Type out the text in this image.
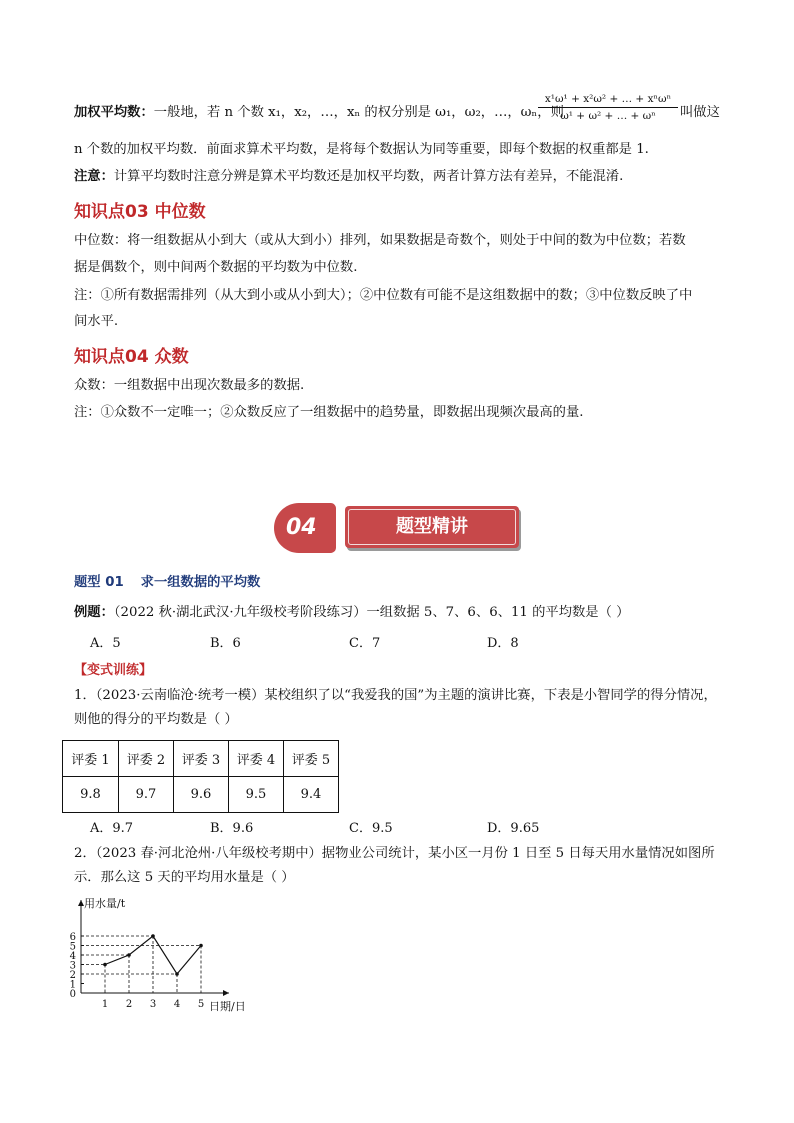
加权平均数：一般地，若 n 个数 x₁，x₂，…，xₙ 的权分别是 ω₁，ω₂，…，ωₙ，则
x¹ω¹ + x²ω² + … + xⁿωⁿ
ω¹ + ω² + … + ωⁿ	叫做这
n 个数的加权平均数．前面求算术平均数，是将每个数据认为同等重要，即每个数据的权重都是 1.
注意：计算平均数时注意分辨是算术平均数还是加权平均数，两者计算方法有差异，不能混淆.
知识点03 中位数
中位数：将一组数据从小到大（或从大到小）排列，如果数据是奇数个，则处于中间的数为中位数；若数
据是偶数个，则中间两个数据的平均数为中位数.
注：①所有数据需排列（从大到小或从小到大）；②中位数有可能不是这组数据中的数；③中位数反映了中
间水平.
知识点04 众数
众数：一组数据中出现次数最多的数据.
注：①众数不一定唯一；②众数反应了一组数据中的趋势量，即数据出现频次最高的量.
04	题型精讲
题型 01 求一组数据的平均数
例题：（2022 秋·湖北武汉·九年级校考阶段练习）一组数据 5、7、6、6、11 的平均数是（ ）
A．5	B．6	C．7	D．8
【变式训练】
1．（2023·云南临沧·统考一模）某校组织了以“我爱我的国”为主题的演讲比赛，下表是小智同学的得分情况，
则他的得分的平均数是（ ）
评委 1	评委 2	评委 3	评委 4	评委 5
9.8	9.7	9.6	9.5	9.4
A．9.7	B．9.6	C．9.5	D．9.65
2．（2023 春·河北沧州·八年级校考期中）据物业公司统计，某小区一月份 1 日至 5 日每天用水量情况如图所
示．那么这 5 天的平均用水量是（ ）
用水量/t
日期/日
0
1
2
3
4
5
6
1 2 3 4 5
